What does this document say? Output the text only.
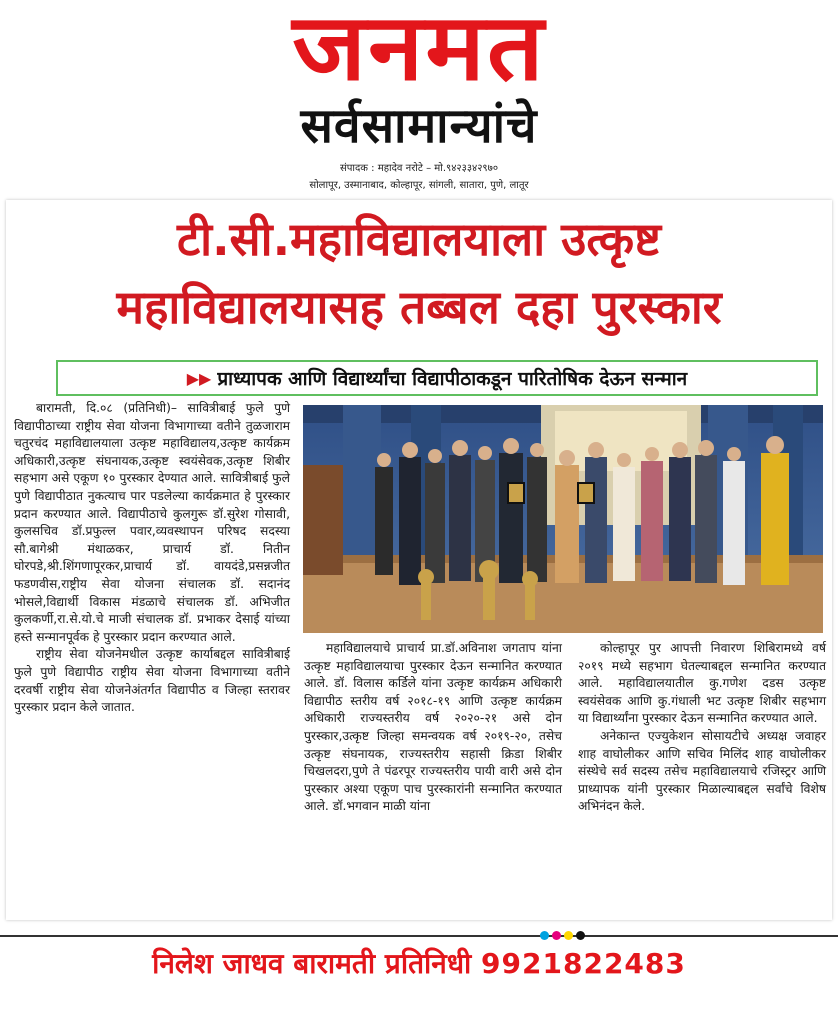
जनमत
सर्वसामान्यांचे
संपादक : महादेव नरोटे – मो.९४२३३४२९७०
सोलापूर, उस्मानाबाद, कोल्हापूर, सांगली, सातारा, पुणे, लातूर
टी.सी.महाविद्यालयाला उत्कृष्ट
महाविद्यालयासह तब्बल दहा पुरस्कार
▶▶ प्राध्यापक आणि विद्यार्थ्यांचा विद्यापीठाकडून पारितोषिक देऊन सन्मान

बारामती, दि.०८ (प्रतिनिधी)– सावित्रीबाई फुले पुणे विद्यापीठाच्या राष्ट्रीय सेवा योजना विभागाच्या वतीने तुळजाराम चतुरचंद महाविद्यालयाला उत्कृष्ट महाविद्यालय,उत्कृष्ट कार्यक्रम अधिकारी,उत्कृष्ट संघनायक,उत्कृष्ट स्वयंसेवक,उत्कृष्ट शिबीर सहभाग असे एकूण १० पुरस्कार देण्यात आले. सावित्रीबाई फुले पुणे विद्यापीठात नुकत्याच पार पडलेल्या कार्यक्रमात हे पुरस्कार प्रदान करण्यात आले. विद्यापीठाचे कुलगुरू डॉ.सुरेश गोसावी, कुलसचिव डॉ.प्रफुल्ल पवार,व्यवस्थापन परिषद सदस्या सौ.बागेश्री मंथाळकर, प्राचार्य डॉ. नितीन घोरपडे,श्री.शिंगणापूरकर,प्राचार्य डॉ. वायदंडे,प्रसन्नजीत फडणवीस,राष्ट्रीय सेवा योजना संचालक डॉ. सदानंद भोसले,विद्यार्थी विकास मंडळाचे संचालक डॉ. अभिजीत कुलकर्णी,रा.से.यो.चे माजी संचालक डॉ. प्रभाकर देसाई यांच्या हस्ते सन्मानपूर्वक हे पुरस्कार प्रदान करण्यात आले.

राष्ट्रीय सेवा योजनेमधील उत्कृष्ट कार्याबद्दल सावित्रीबाई फुले पुणे विद्यापीठ राष्ट्रीय सेवा योजना विभागाच्या वतीने दरवर्षी राष्ट्रीय सेवा योजनेअंतर्गत विद्यापीठ व जिल्हा स्तरावर पुरस्कार प्रदान केले जातात.

महाविद्यालयाचे प्राचार्य प्रा.डॉ.अविनाश जगताप यांना उत्कृष्ट महाविद्यालयाचा पुरस्कार देऊन सन्मानित करण्यात आले. डॉ. विलास कर्डिले यांना उत्कृष्ट कार्यक्रम अधिकारी विद्यापीठ स्तरीय वर्ष २०१८-१९ आणि उत्कृष्ट कार्यक्रम अधिकारी राज्यस्तरीय वर्ष २०२०-२१ असे दोन पुरस्कार,उत्कृष्ट जिल्हा समन्वयक वर्ष २०१९-२०, तसेच उत्कृष्ट संघनायक, राज्यस्तरीय सहासी क्रिडा शिबीर चिखलदरा,पुणे ते पंढरपूर राज्यस्तरीय पायी वारी असे दोन पुरस्कार अश्या एकूण पाच पुरस्कारांनी सन्मानित करण्यात आले. डॉ.भगवान माळी यांना

कोल्हापूर पुर आपत्ती निवारण शिबिरामध्ये वर्ष २०१९ मध्ये सहभाग घेतल्याबद्दल सन्मानित करण्यात आले. महाविद्यालयातील कु.गणेश दडस उत्कृष्ट स्वयंसेवक आणि कु.गंधाली भट उत्कृष्ट शिबीर सहभाग या विद्यार्थ्यांना पुरस्कार देऊन सन्मानित करण्यात आले.

अनेकान्त एज्युकेशन सोसायटीचे अध्यक्ष जवाहर शाह वाघोलीकर आणि सचिव मिलिंद शाह वाघोलीकर संस्थेचे सर्व सदस्य तसेच महाविद्यालयाचे रजिस्ट्रर आणि प्राध्यापक यांनी पुरस्कार मिळाल्याबद्दल सर्वांचे विशेष अभिनंदन केले.

निलेश जाधव बारामती प्रतिनिधी 9921822483
